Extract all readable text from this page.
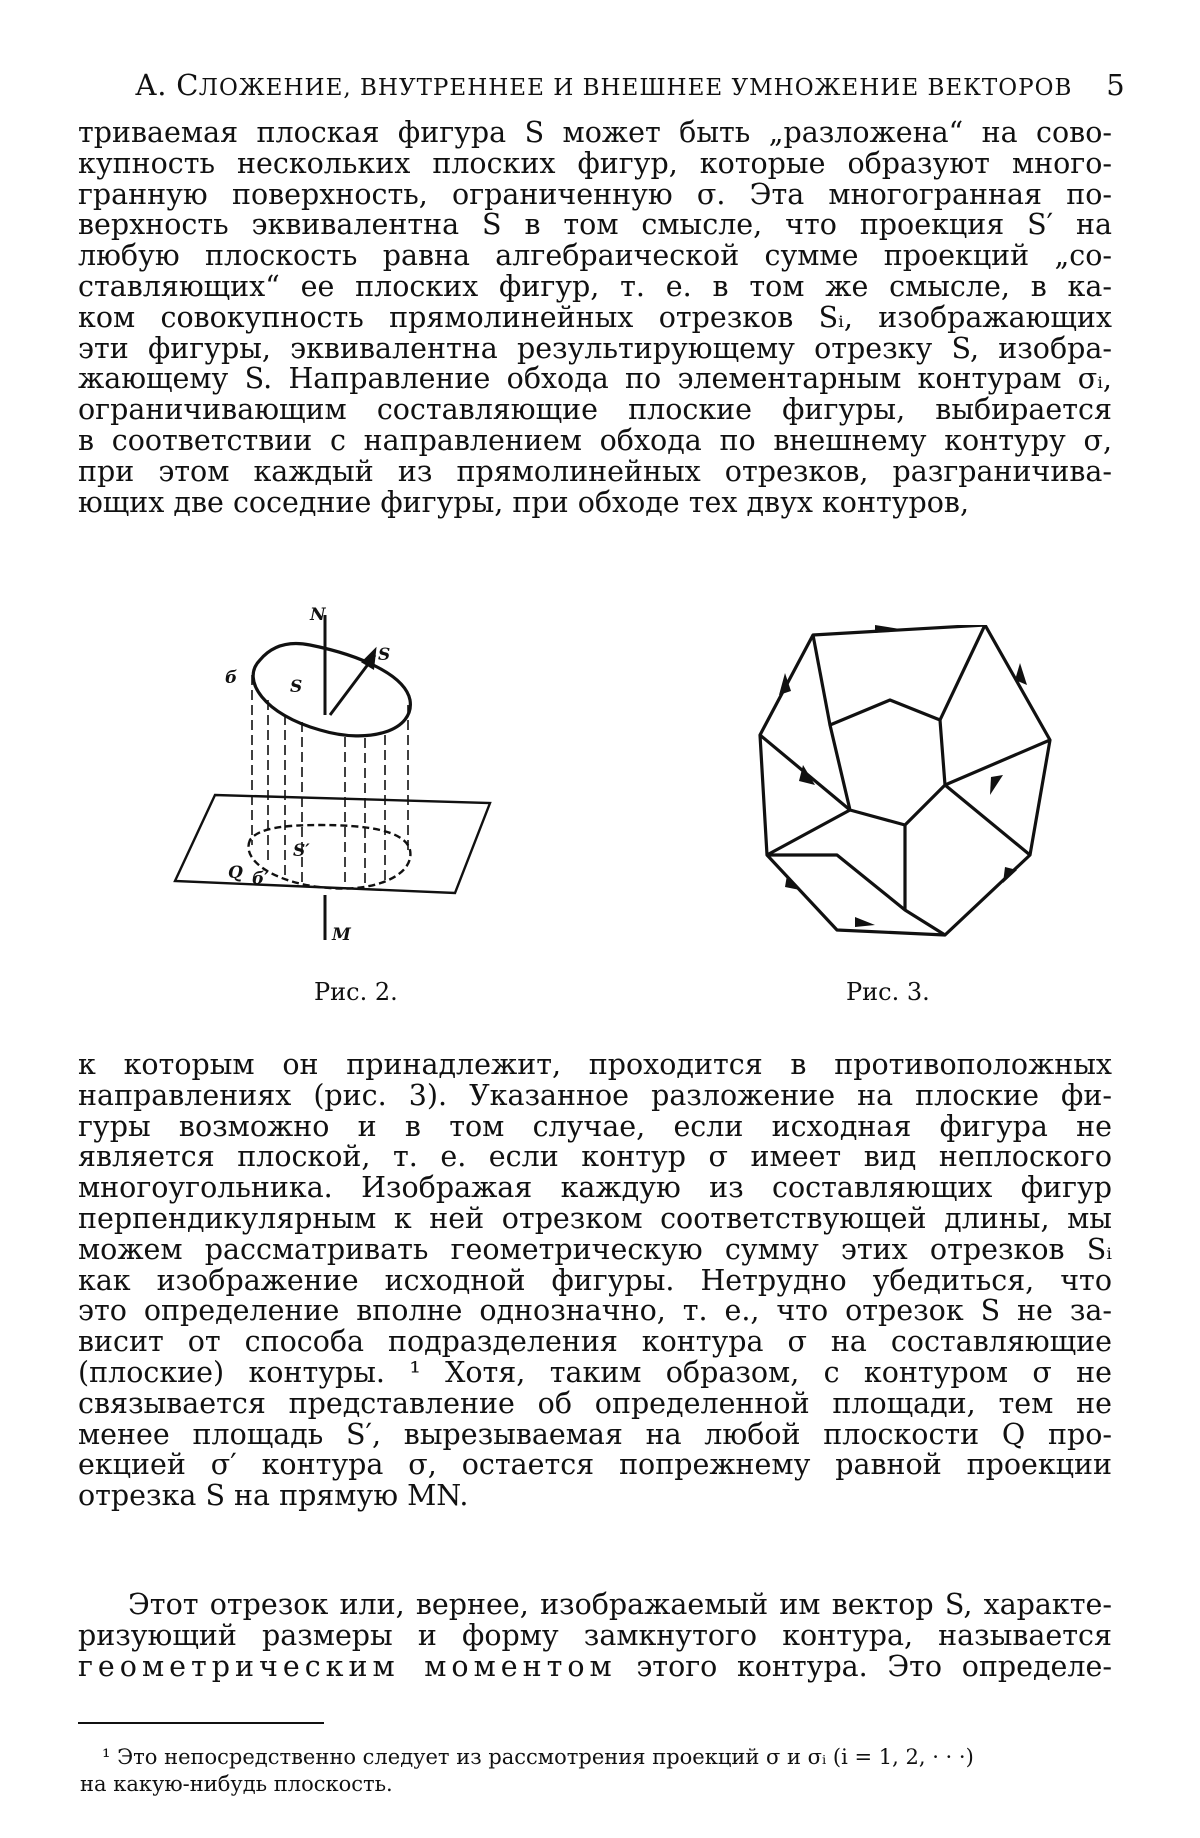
А. СЛОЖЕНИЕ, ВНУТРЕННЕЕ И ВНЕШНЕЕ УМНОЖЕНИЕ ВЕКТОРОВ 5
триваемая плоская фигура S может быть „разложена“ на сово-
купность нескольких плоских фигур, которые образуют много-
гранную поверхность, ограниченную σ. Эта многогранная по-
верхность эквивалентна S в том смысле, что проекция S′ на
любую плоскость равна алгебраической сумме проекций „со-
ставляющих“ ее плоских фигур, т. е. в том же смысле, в ка-
ком совокупность прямолинейных отрезков Sᵢ, изображающих
эти фигуры, эквивалентна результирующему отрезку S, изобра-
жающему S. Направление обхода по элементарным контурам σᵢ,
ограничивающим составляющие плоские фигуры, выбирается
в соответствии с направлением обхода по внешнему контуру σ,
при этом каждый из прямолинейных отрезков, разграничива-
ющих две соседние фигуры, при обходе тех двух контуров,
N
S
б	S
S′
Q б′
M
Рис. 2.	Рис. 3.
к которым он принадлежит, проходится в противоположных
направлениях (рис. 3). Указанное разложение на плоские фи-
гуры возможно и в том случае, если исходная фигура не
является плоской, т. е. если контур σ имеет вид неплоского
многоугольника. Изображая каждую из составляющих фигур
перпендикулярным к ней отрезком соответствующей длины, мы
можем рассматривать геометрическую сумму этих отрезков Sᵢ
как изображение исходной фигуры. Нетрудно убедиться, что
это определение вполне однозначно, т. е., что отрезок S не за-
висит от способа подразделения контура σ на составляющие
(плоские) контуры. ¹ Хотя, таким образом, с контуром σ не
связывается представление об определенной площади, тем не
менее площадь S′, вырезываемая на любой плоскости Q про-
екцией σ′ контура σ, остается попрежнему равной проекции
отрезка S на прямую MN.
Этот отрезок или, вернее, изображаемый им вектор S, характе-
ризующий размеры и форму замкнутого контура, называется
геометрическим моментом этого контура. Это определе-
¹ Это непосредственно следует из рассмотрения проекций σ и σᵢ (i = 1, 2, · · ·)
на какую-нибудь плоскость.
